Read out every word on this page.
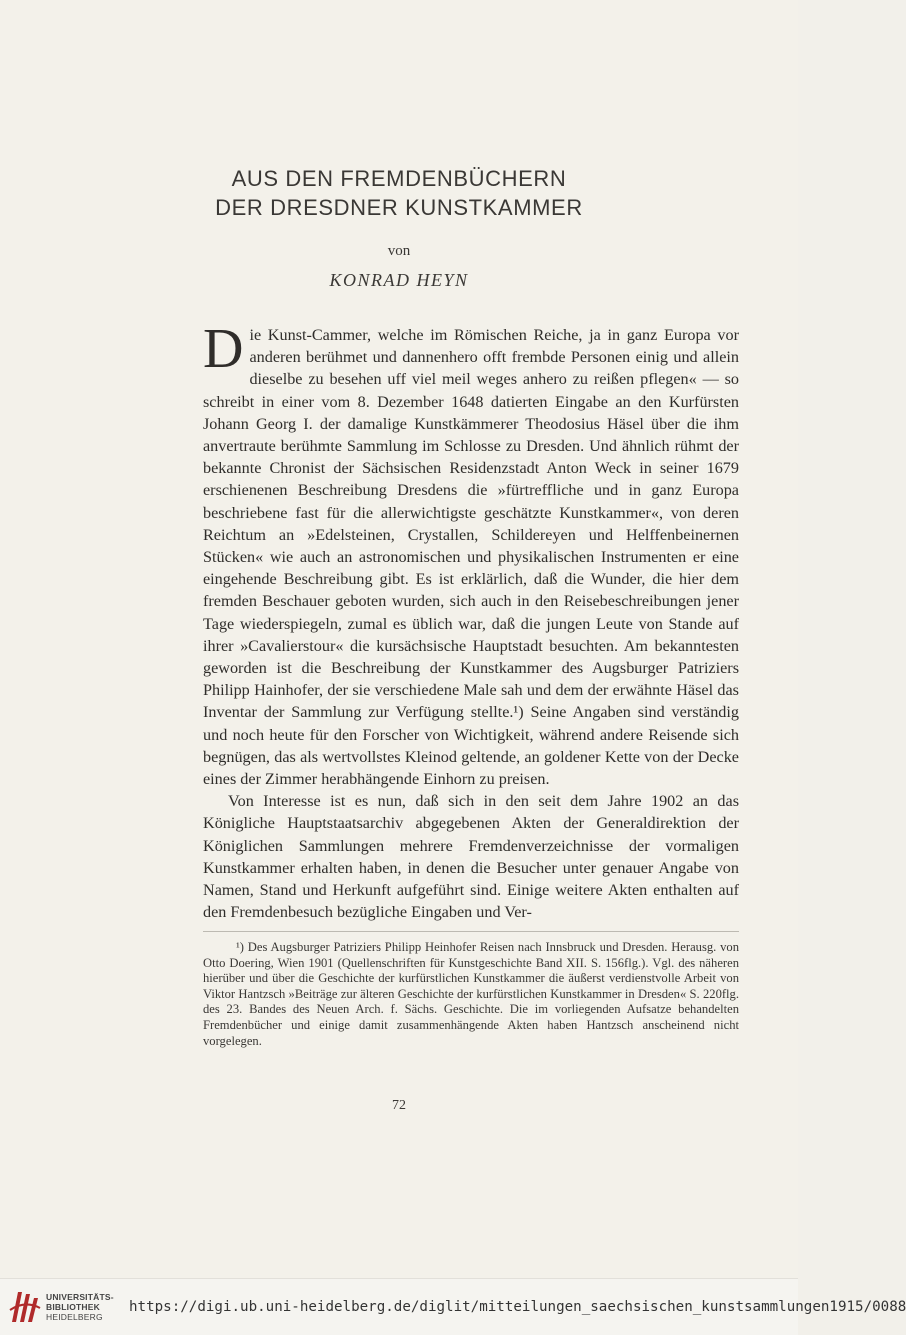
AUS DEN FREMDENBÜCHERN
DER DRESDNER KUNSTKAMMER
von
KONRAD HEYN

Die Kunst-Cammer, welche im Römischen Reiche, ja in ganz Europa vor anderen berühmet und dannenhero offt frembde Personen einig und allein dieselbe zu besehen uff viel meil weges anhero zu reißen pflegen« — so schreibt in einer vom 8. Dezember 1648 datierten Eingabe an den Kurfürsten Johann Georg I. der damalige Kunstkämmerer Theodosius Häsel über die ihm anvertraute berühmte Sammlung im Schlosse zu Dresden. Und ähnlich rühmt der bekannte Chronist der Sächsischen Residenzstadt Anton Weck in seiner 1679 erschienenen Beschreibung Dresdens die »fürtreffliche und in ganz Europa beschriebene fast für die allerwichtigste geschätzte Kunstkammer«, von deren Reichtum an »Edelsteinen, Crystallen, Schildereyen und Helffenbeinernen Stücken« wie auch an astronomischen und physikalischen Instrumenten er eine eingehende Beschreibung gibt. Es ist erklärlich, daß die Wunder, die hier dem fremden Beschauer geboten wurden, sich auch in den Reisebeschreibungen jener Tage wiederspiegeln, zumal es üblich war, daß die jungen Leute von Stande auf ihrer »Cavalierstour« die kursächsische Hauptstadt besuchten. Am bekanntesten geworden ist die Beschreibung der Kunstkammer des Augsburger Patriziers Philipp Hainhofer, der sie verschiedene Male sah und dem der erwähnte Häsel das Inventar der Sammlung zur Verfügung stellte.¹) Seine Angaben sind verständig und noch heute für den Forscher von Wichtigkeit, während andere Reisende sich begnügen, das als wertvollstes Kleinod geltende, an goldener Kette von der Decke eines der Zimmer herabhängende Einhorn zu preisen.

Von Interesse ist es nun, daß sich in den seit dem Jahre 1902 an das Königliche Hauptstaatsarchiv abgegebenen Akten der Generaldirektion der Königlichen Sammlungen mehrere Fremdenverzeichnisse der vormaligen Kunstkammer erhalten haben, in denen die Besucher unter genauer Angabe von Namen, Stand und Herkunft aufgeführt sind. Einige weitere Akten enthalten auf den Fremdenbesuch bezügliche Eingaben und Ver-

¹) Des Augsburger Patriziers Philipp Heinhofer Reisen nach Innsbruck und Dresden. Herausg. von Otto Doering, Wien 1901 (Quellenschriften für Kunstgeschichte Band XII. S. 156flg.). Vgl. des näheren hierüber und über die Geschichte der kurfürstlichen Kunstkammer die äußerst verdienstvolle Arbeit von Viktor Hantzsch »Beiträge zur älteren Geschichte der kurfürstlichen Kunstkammer in Dresden« S. 220flg. des 23. Bandes des Neuen Arch. f. Sächs. Geschichte. Die im vorliegenden Aufsatze behandelten Fremdenbücher und einige damit zusammenhängende Akten haben Hantzsch anscheinend nicht vorgelegen.

72
UNIVERSITÄTS-
BIBLIOTHEK
HEIDELBERG
https://digi.ub.uni-heidelberg.de/diglit/mitteilungen_saechsischen_kunstsammlungen1915/0088
